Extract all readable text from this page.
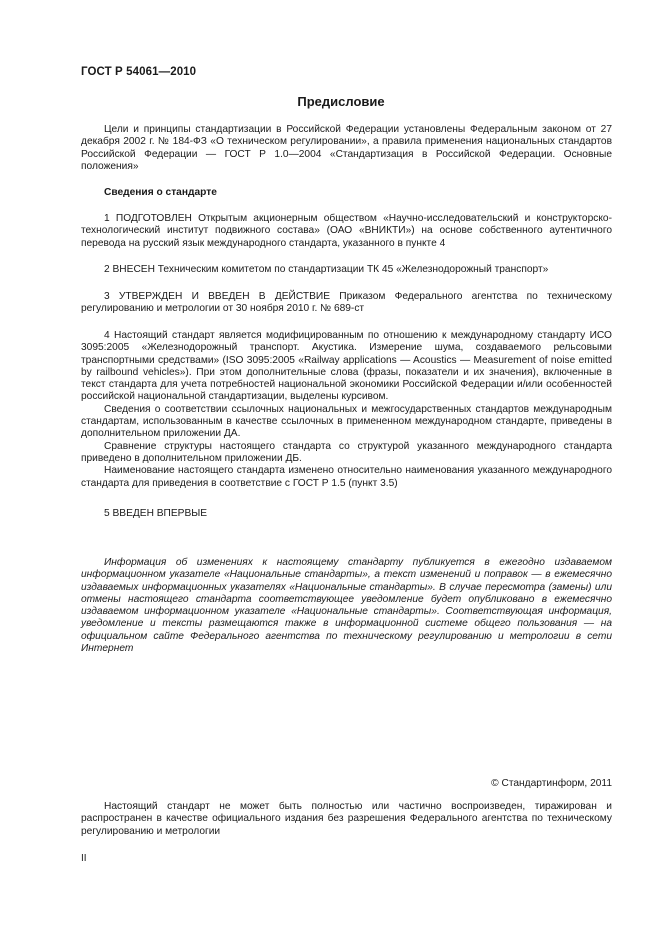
ГОСТ Р 54061—2010
Предисловие

Цели и принципы стандартизации в Российской Федерации установлены Федеральным законом от 27 декабря 2002 г. № 184-ФЗ «О техническом регулировании», а правила применения национальных стандартов Российской Федерации — ГОСТ Р 1.0—2004 «Стандартизация в Российской Федерации. Основные положения»

Сведения о стандарте

1 ПОДГОТОВЛЕН Открытым акционерным обществом «Научно-исследовательский и конструкторско-технологический институт подвижного состава» (ОАО «ВНИКТИ») на основе собственного аутентичного перевода на русский язык международного стандарта, указанного в пункте 4

2 ВНЕСЕН Техническим комитетом по стандартизации ТК 45 «Железнодорожный транспорт»

3 УТВЕРЖДЕН И ВВЕДЕН В ДЕЙСТВИЕ Приказом Федерального агентства по техническому регулированию и метрологии от 30 ноября 2010 г. № 689-ст

4 Настоящий стандарт является модифицированным по отношению к международному стандарту ИСО 3095:2005 «Железнодорожный транспорт. Акустика. Измерение шума, создаваемого рельсовыми транспортными средствами» (ISO 3095:2005 «Railway applications — Acoustics — Measurement of noise emitted by railbound vehicles»). При этом дополнительные слова (фразы, показатели и их значения), включенные в текст стандарта для учета потребностей национальной экономики Российской Федерации и/или особенностей российской национальной стандартизации, выделены курсивом.

Сведения о соответствии ссылочных национальных и межгосударственных стандартов международным стандартам, использованным в качестве ссылочных в примененном международном стандарте, приведены в дополнительном приложении ДА.

Сравнение структуры настоящего стандарта со структурой указанного международного стандарта приведено в дополнительном приложении ДБ.

Наименование настоящего стандарта изменено относительно наименования указанного международного стандарта для приведения в соответствие с ГОСТ Р 1.5 (пункт 3.5)

5 ВВЕДЕН ВПЕРВЫЕ

Информация об изменениях к настоящему стандарту публикуется в ежегодно издаваемом информационном указателе «Национальные стандарты», а текст изменений и поправок — в ежемесячно издаваемых информационных указателях «Национальные стандарты». В случае пересмотра (замены) или отмены настоящего стандарта соответствующее уведомление будет опубликовано в ежемесячно издаваемом информационном указателе «Национальные стандарты». Соответствующая информация, уведомление и тексты размещаются также в информационной системе общего пользования — на официальном сайте Федерального агентства по техническому регулированию и метрологии в сети Интернет

© Стандартинформ, 2011

Настоящий стандарт не может быть полностью или частично воспроизведен, тиражирован и распространен в качестве официального издания без разрешения Федерального агентства по техническому регулированию и метрологии

II
